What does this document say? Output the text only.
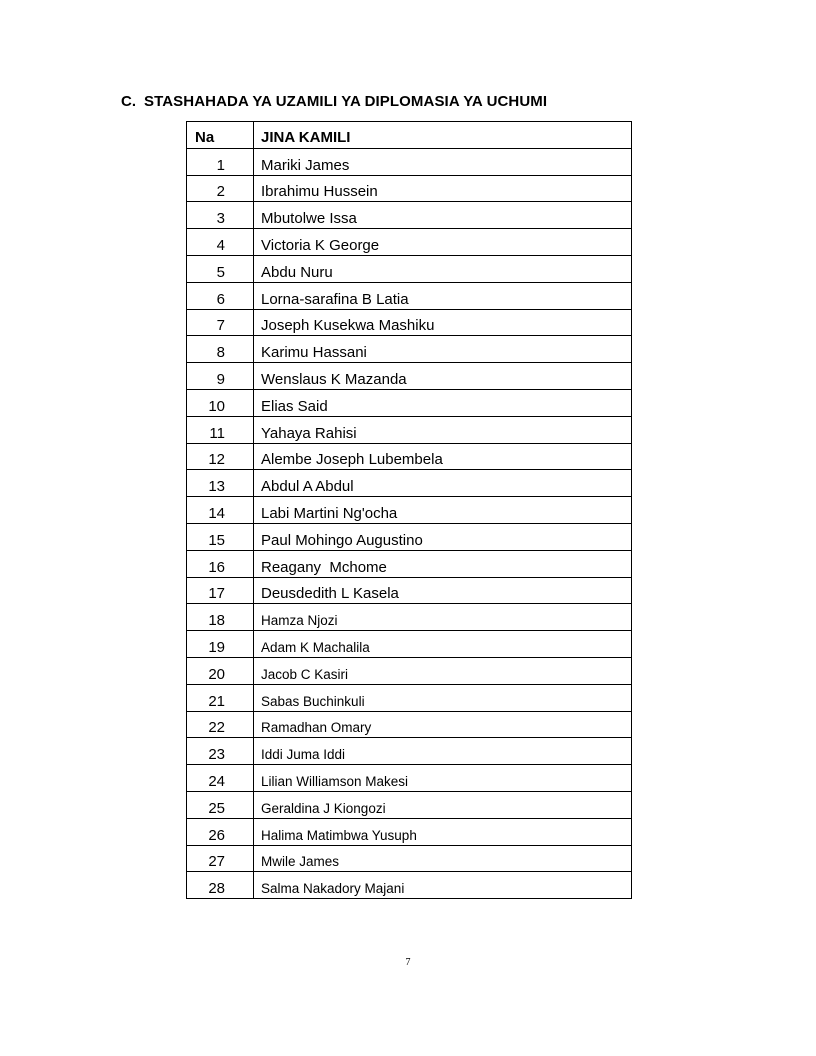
C. STASHAHADA YA UZAMILI YA DIPLOMASIA YA UCHUMI
Na	JINA KAMILI
1	Mariki James
2	Ibrahimu Hussein
3	Mbutolwe Issa
4	Victoria K George
5	Abdu Nuru
6	Lorna-sarafina B Latia
7	Joseph Kusekwa Mashiku
8	Karimu Hassani
9	Wenslaus K Mazanda
10	Elias Said
11	Yahaya Rahisi
12	Alembe Joseph Lubembela
13	Abdul A Abdul
14	Labi Martini Ng'ocha
15	Paul Mohingo Augustino
16	Reagany  Mchome
17	Deusdedith L Kasela
18	Hamza Njozi
19	Adam K Machalila
20	Jacob C Kasiri
21	Sabas Buchinkuli
22	Ramadhan Omary
23	Iddi Juma Iddi
24	Lilian Williamson Makesi
25	Geraldina J Kiongozi
26	Halima Matimbwa Yusuph
27	Mwile James
28	Salma Nakadory Majani
7
